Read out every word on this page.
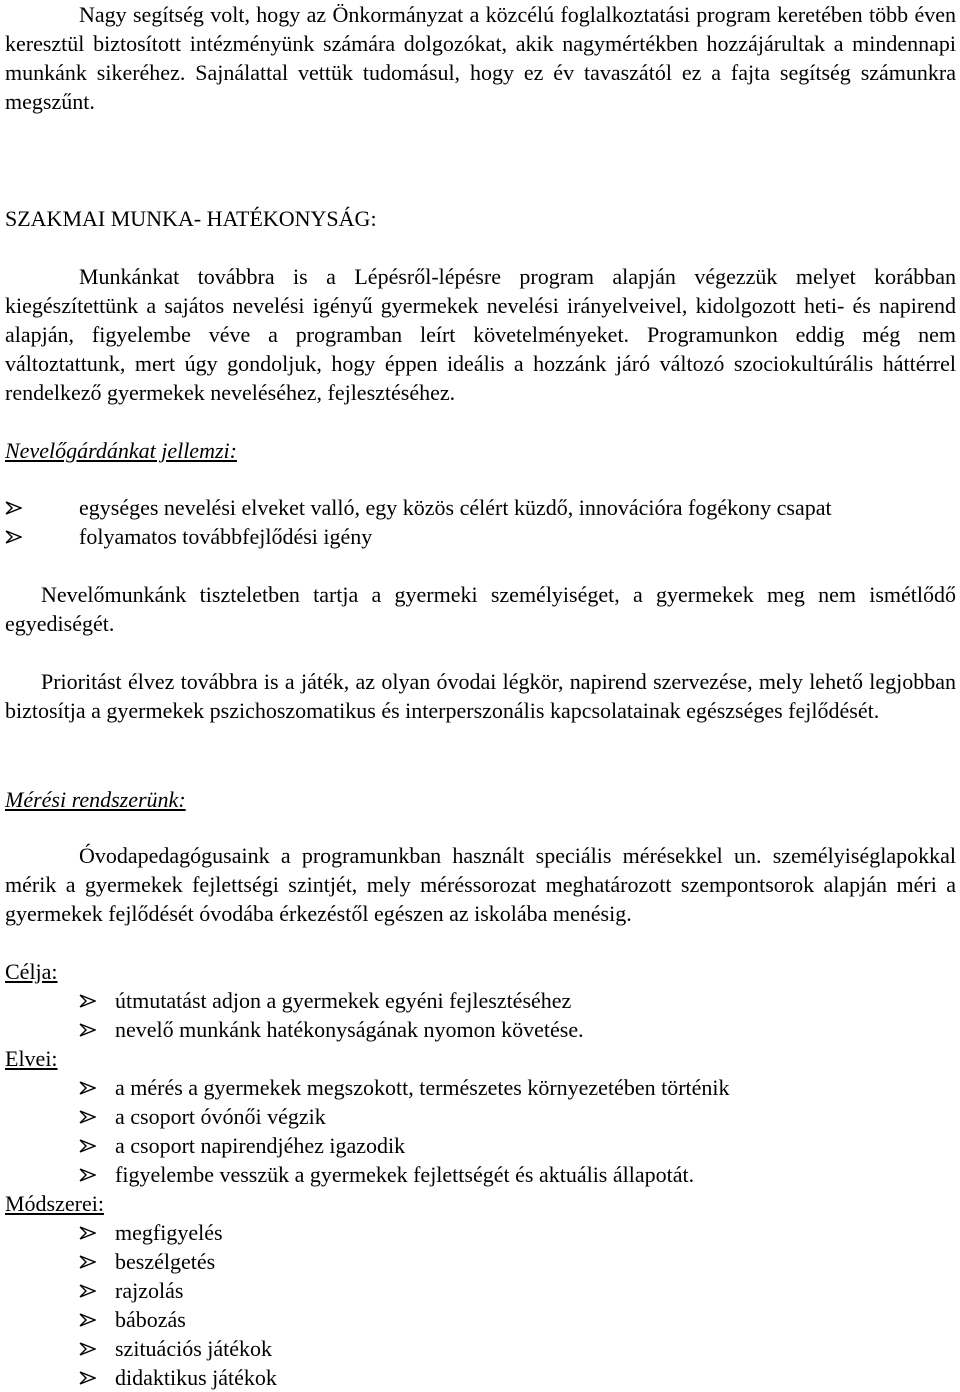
Nagy segítség volt, hogy az Önkormányzat a közcélú foglalkoztatási program keretében több éven keresztül biztosított intézményünk számára dolgozókat, akik nagymértékben hozzájárultak a mindennapi munkánk sikeréhez. Sajnálattal vettük tudomásul, hogy ez év tavaszától ez a fajta segítség számunkra megszűnt.

SZAKMAI MUNKA- HATÉKONYSÁG:

Munkánkat továbbra is a Lépésről-lépésre program alapján végezzük melyet korábban kiegészítettünk a sajátos nevelési igényű gyermekek nevelési irányelveivel, kidolgozott heti- és napirend alapján, figyelembe véve a programban leírt követelményeket. Programunkon eddig még nem változtattunk, mert úgy gondoljuk, hogy éppen ideális a hozzánk járó változó szociokultúrális háttérrel rendelkező gyermekek neveléséhez, fejlesztéséhez.

Nevelőgárdánkat jellemzi:

egységes nevelési elveket valló, egy közös célért küzdő, innovációra fogékony csapat
folyamatos továbbfejlődési igény

Nevelőmunkánk tiszteletben tartja a gyermeki személyiséget, a gyermekek meg nem ismétlődő egyediségét.

Prioritást élvez továbbra is a játék, az olyan óvodai légkör, napirend szervezése, mely lehető legjobban biztosítja a gyermekek pszichoszomatikus és interperszonális kapcsolatainak egészséges fejlődését.

Mérési rendszerünk:

Óvodapedagógusaink a programunkban használt speciális mérésekkel un. személyiséglapokkal mérik a gyermekek fejlettségi szintjét, mely méréssorozat meghatározott szempontsorok alapján méri a gyermekek fejlődését óvodába érkezéstől egészen az iskolába menésig.

Célja:

útmutatást adjon a gyermekek egyéni fejlesztéséhez
nevelő munkánk hatékonyságának nyomon követése.

Elvei:

a mérés a gyermekek megszokott, természetes környezetében történik
a csoport óvónői végzik
a csoport napirendjéhez igazodik
figyelembe vesszük a gyermekek fejlettségét és aktuális állapotát.

Módszerei:

megfigyelés
beszélgetés
rajzolás
bábozás
szituációs játékok
didaktikus játékok
